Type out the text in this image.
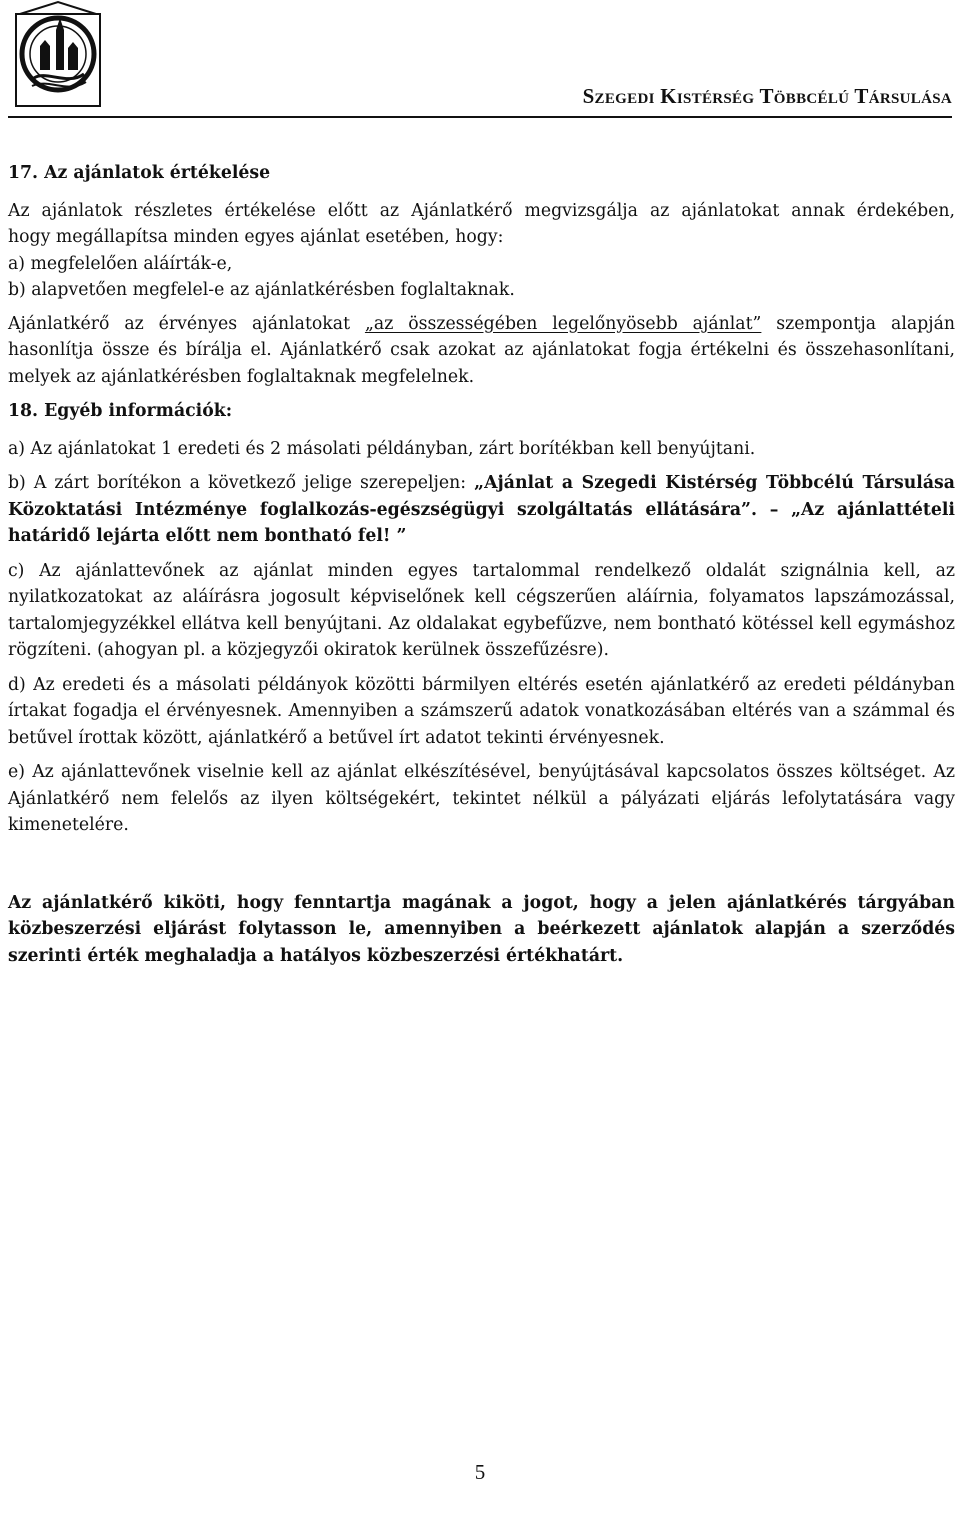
Szegedi Kistérség Többcélú Társulása

17. Az ajánlatok értékelése

Az ajánlatok részletes értékelése előtt az Ajánlatkérő megvizsgálja az ajánlatokat annak érdekében,
hogy megállapítsa minden egyes ajánlat esetében, hogy:
a) megfelelően aláírták-e,
b) alapvetően megfelel-e az ajánlatkérésben foglaltaknak.

Ajánlatkérő az érvényes ajánlatokat „az összességében legelőnyösebb ajánlat” szempontja alapján hasonlítja össze és bírálja el. Ajánlatkérő csak azokat az ajánlatokat fogja értékelni és összehasonlítani, melyek az ajánlatkérésben foglaltaknak megfelelnek.

18. Egyéb információk:

a) Az ajánlatokat 1 eredeti és 2 másolati példányban, zárt borítékban kell benyújtani.

b) A zárt borítékon a következő jelige szerepeljen: „Ajánlat a Szegedi Kistérség Többcélú Társulása Közoktatási Intézménye foglalkozás-egészségügyi szolgáltatás ellátására”. – „Az ajánlattételi határidő lejárta előtt nem bontható fel! ”

c) Az ajánlattevőnek az ajánlat minden egyes tartalommal rendelkező oldalát szignálnia kell, az nyilatkozatokat az aláírásra jogosult képviselőnek kell cégszerűen aláírnia, folyamatos lapszámozással, tartalomjegyzékkel ellátva kell benyújtani. Az oldalakat egybefűzve, nem bontható kötéssel kell egymáshoz rögzíteni. (ahogyan pl. a közjegyzői okiratok kerülnek összefűzésre).

d) Az eredeti és a másolati példányok közötti bármilyen eltérés esetén ajánlatkérő az eredeti példányban írtakat fogadja el érvényesnek. Amennyiben a számszerű adatok vonatkozásában eltérés van a számmal és betűvel írottak között, ajánlatkérő a betűvel írt adatot tekinti érvényesnek.

e) Az ajánlattevőnek viselnie kell az ajánlat elkészítésével, benyújtásával kapcsolatos összes költséget. Az Ajánlatkérő nem felelős az ilyen költségekért, tekintet nélkül a pályázati eljárás lefolytatására vagy kimenetelére.

Az ajánlatkérő kiköti, hogy fenntartja magának a jogot, hogy a jelen ajánlatkérés tárgyában közbeszerzési eljárást folytasson le, amennyiben a beérkezett ajánlatok alapján a szerződés szerinti érték meghaladja a hatályos közbeszerzési értékhatárt.

5
